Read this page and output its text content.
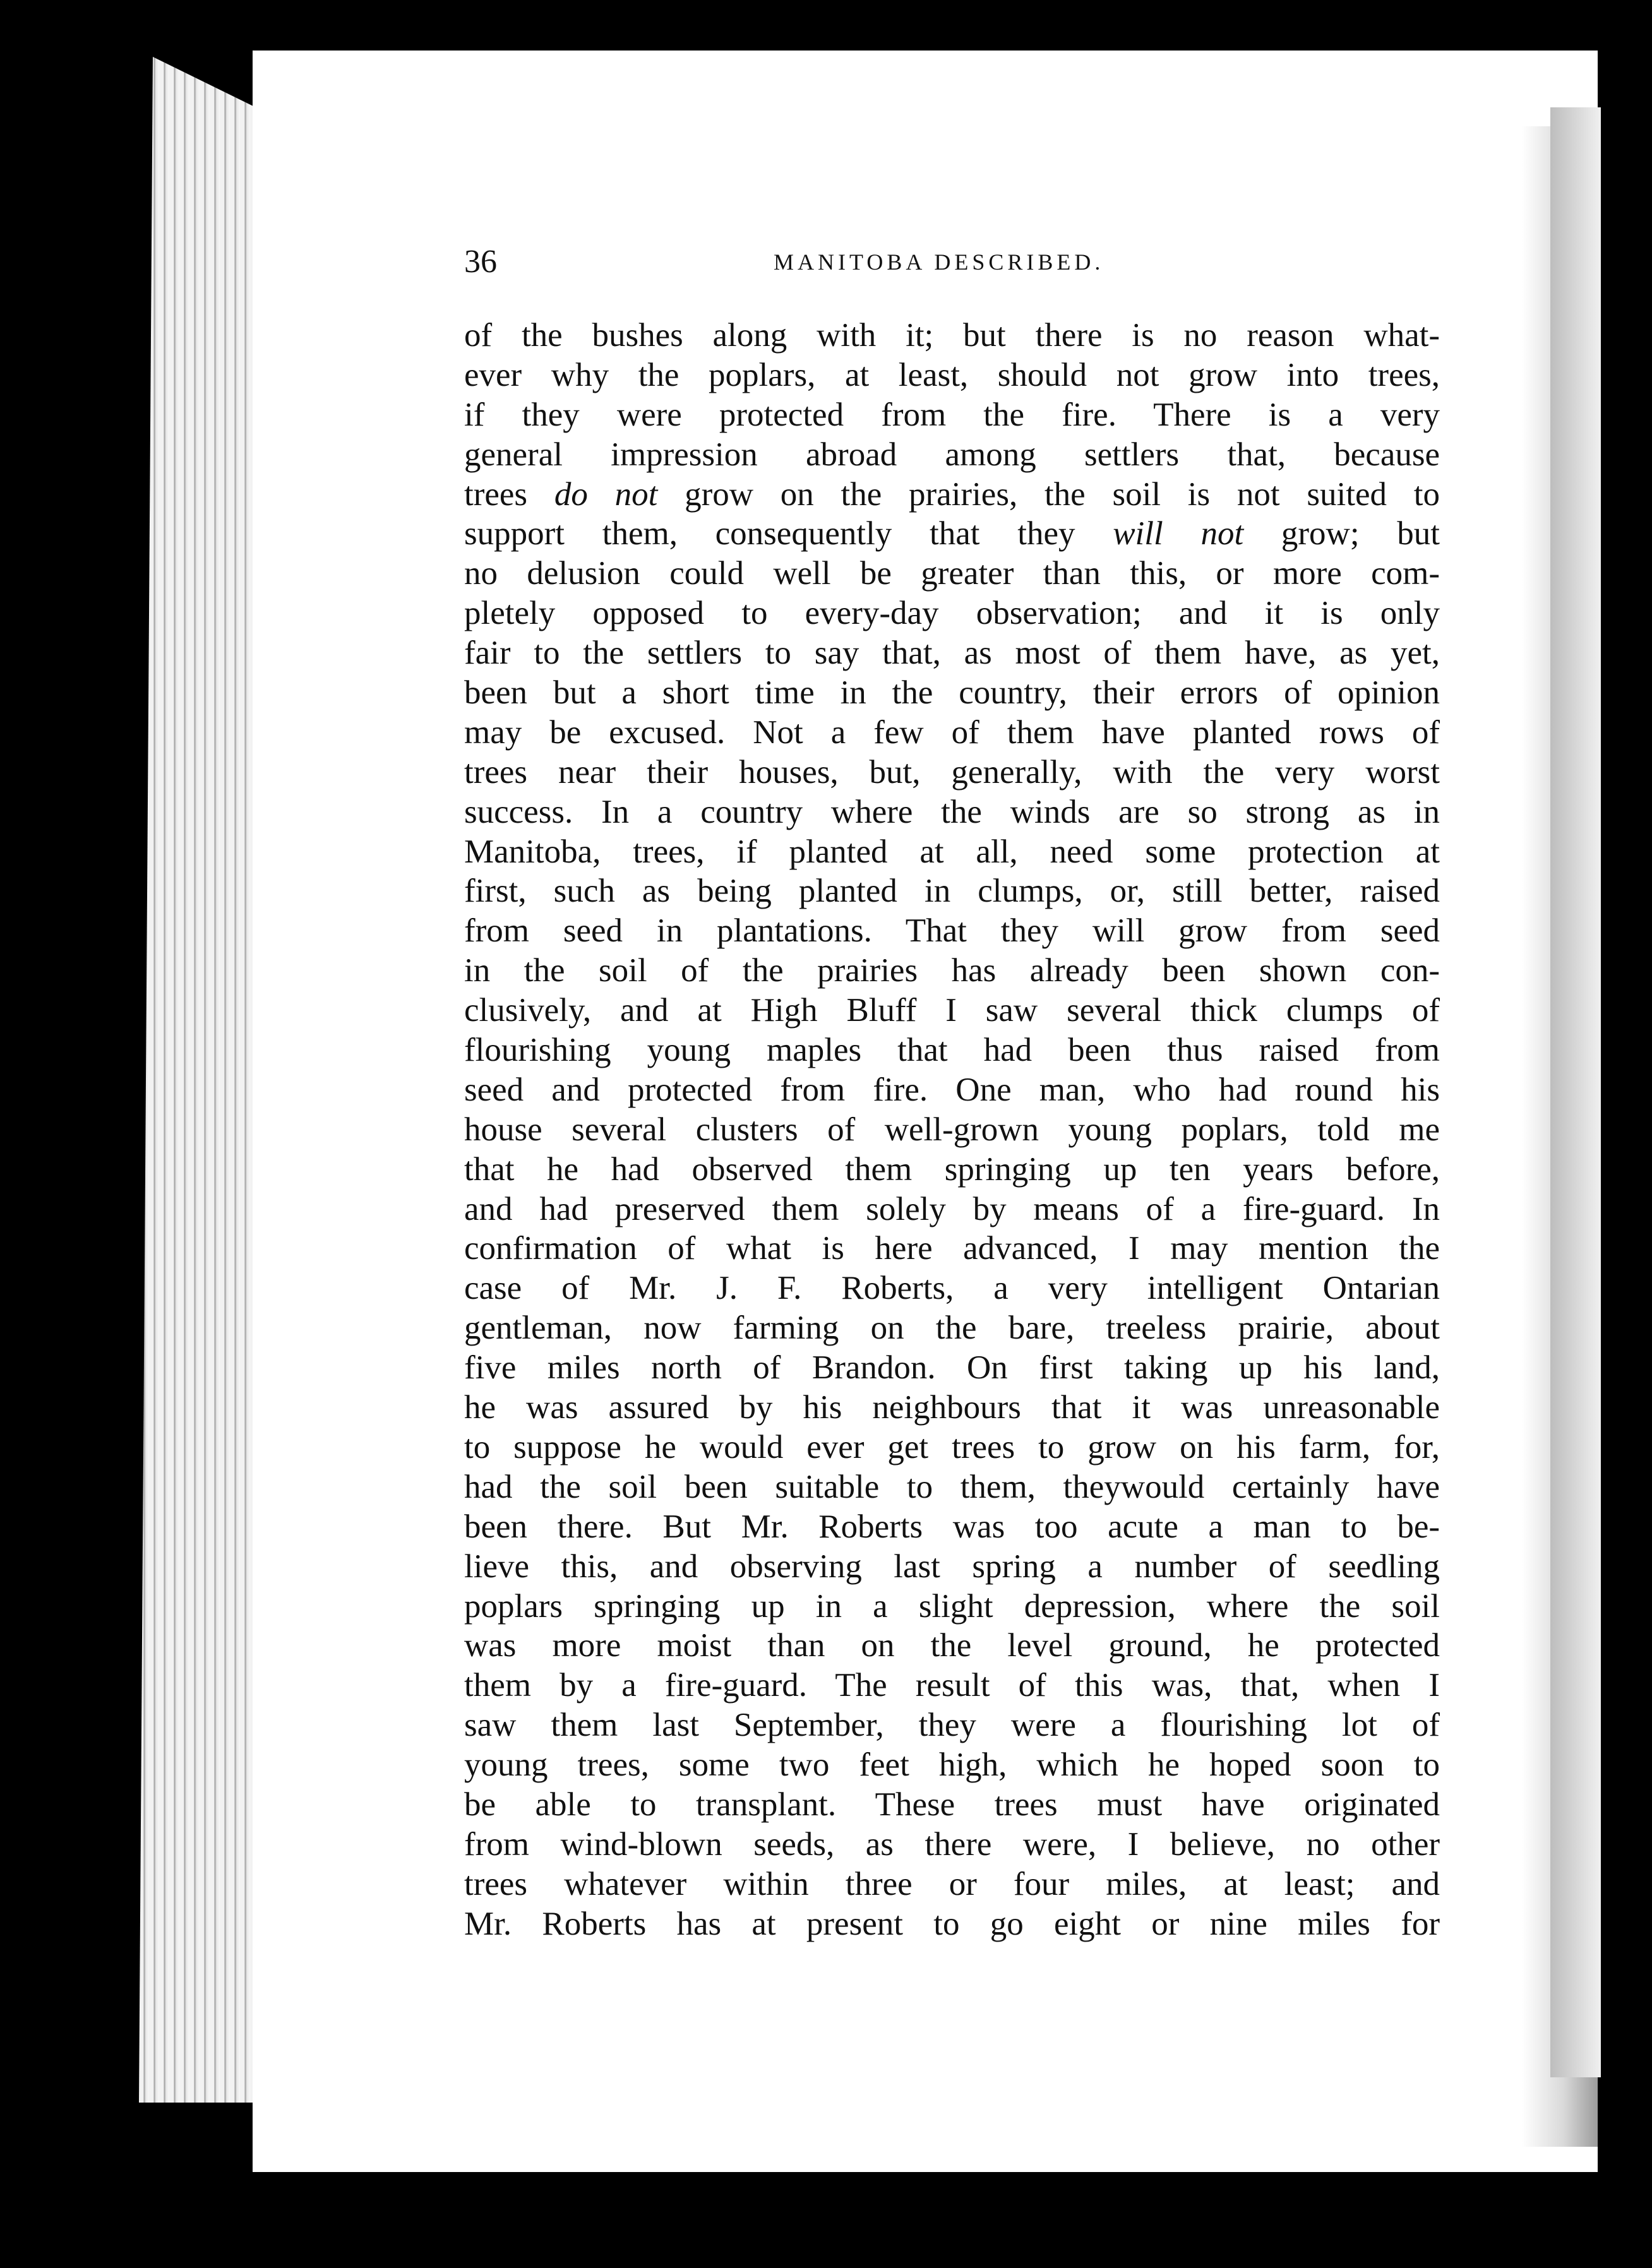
36	MANITOBA DESCRIBED.
of the bushes along with it; but there is no reason what-
ever why the poplars, at least, should not grow into trees,
if they were protected from the fire. There is a very
general impression abroad among settlers that, because
trees do not grow on the prairies, the soil is not suited to
support them, consequently that they will not grow; but
no delusion could well be greater than this, or more com-
pletely opposed to every-day observation; and it is only
fair to the settlers to say that, as most of them have, as yet,
been but a short time in the country, their errors of opinion
may be excused. Not a few of them have planted rows of
trees near their houses, but, generally, with the very worst
success. In a country where the winds are so strong as in
Manitoba, trees, if planted at all, need some protection at
first, such as being planted in clumps, or, still better, raised
from seed in plantations. That they will grow from seed
in the soil of the prairies has already been shown con-
clusively, and at High Bluff I saw several thick clumps of
flourishing young maples that had been thus raised from
seed and protected from fire. One man, who had round his
house several clusters of well-grown young poplars, told me
that he had observed them springing up ten years before,
and had preserved them solely by means of a fire-guard. In
confirmation of what is here advanced, I may mention the
case of Mr. J. F. Roberts, a very intelligent Ontarian
gentleman, now farming on the bare, treeless prairie, about
five miles north of Brandon. On first taking up his land,
he was assured by his neighbours that it was unreasonable
to suppose he would ever get trees to grow on his farm, for,
had the soil been suitable to them, theywould certainly have
been there. But Mr. Roberts was too acute a man to be-
lieve this, and observing last spring a number of seedling
poplars springing up in a slight depression, where the soil
was more moist than on the level ground, he protected
them by a fire-guard. The result of this was, that, when I
saw them last September, they were a flourishing lot of
young trees, some two feet high, which he hoped soon to
be able to transplant. These trees must have originated
from wind-blown seeds, as there were, I believe, no other
trees whatever within three or four miles, at least; and
Mr. Roberts has at present to go eight or nine miles for
